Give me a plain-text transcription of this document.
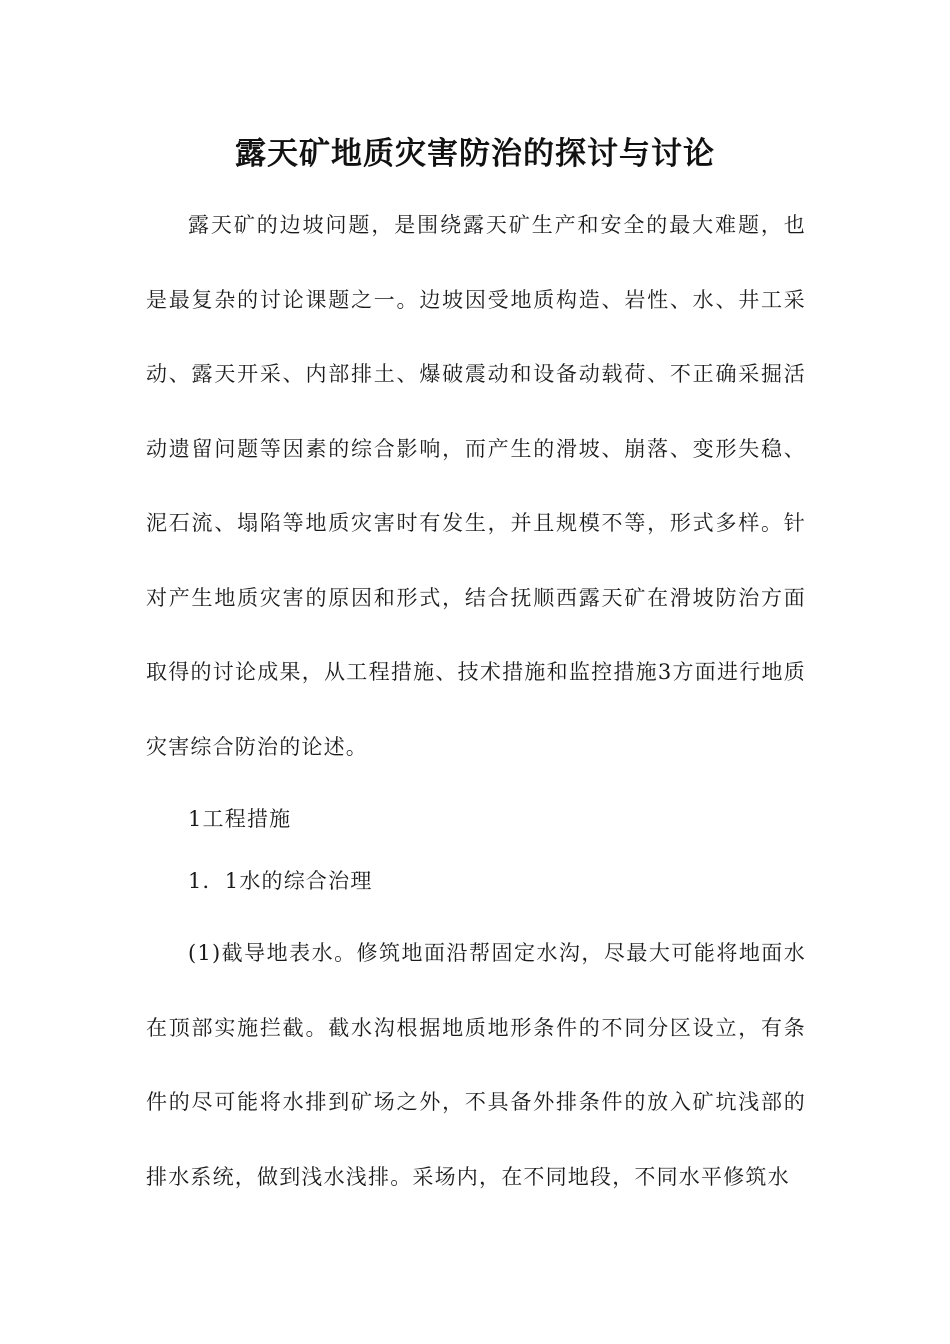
露天矿地质灾害防治的探讨与讨论

露天矿的边坡问题，是围绕露天矿生产和安全的最大难题，也是最复杂的讨论课题之一。边坡因受地质构造、岩性、水、井工采动、露天开采、内部排土、爆破震动和设备动载荷、不正确采掘活动遗留问题等因素的综合影响，而产生的滑坡、崩落、变形失稳、泥石流、塌陷等地质灾害时有发生，并且规模不等，形式多样。针对产生地质灾害的原因和形式，结合抚顺西露天矿在滑坡防治方面取得的讨论成果，从工程措施、技术措施和监控措施3方面进行地质灾害综合防治的论述。

1工程措施

1．1水的综合治理

(1)截导地表水。修筑地面沿帮固定水沟，尽最大可能将地面水在顶部实施拦截。截水沟根据地质地形条件的不同分区设立，有条件的尽可能将水排到矿场之外，不具备外排条件的放入矿坑浅部的排水系统，做到浅水浅排。采场内，在不同地段，不同水平修筑水
